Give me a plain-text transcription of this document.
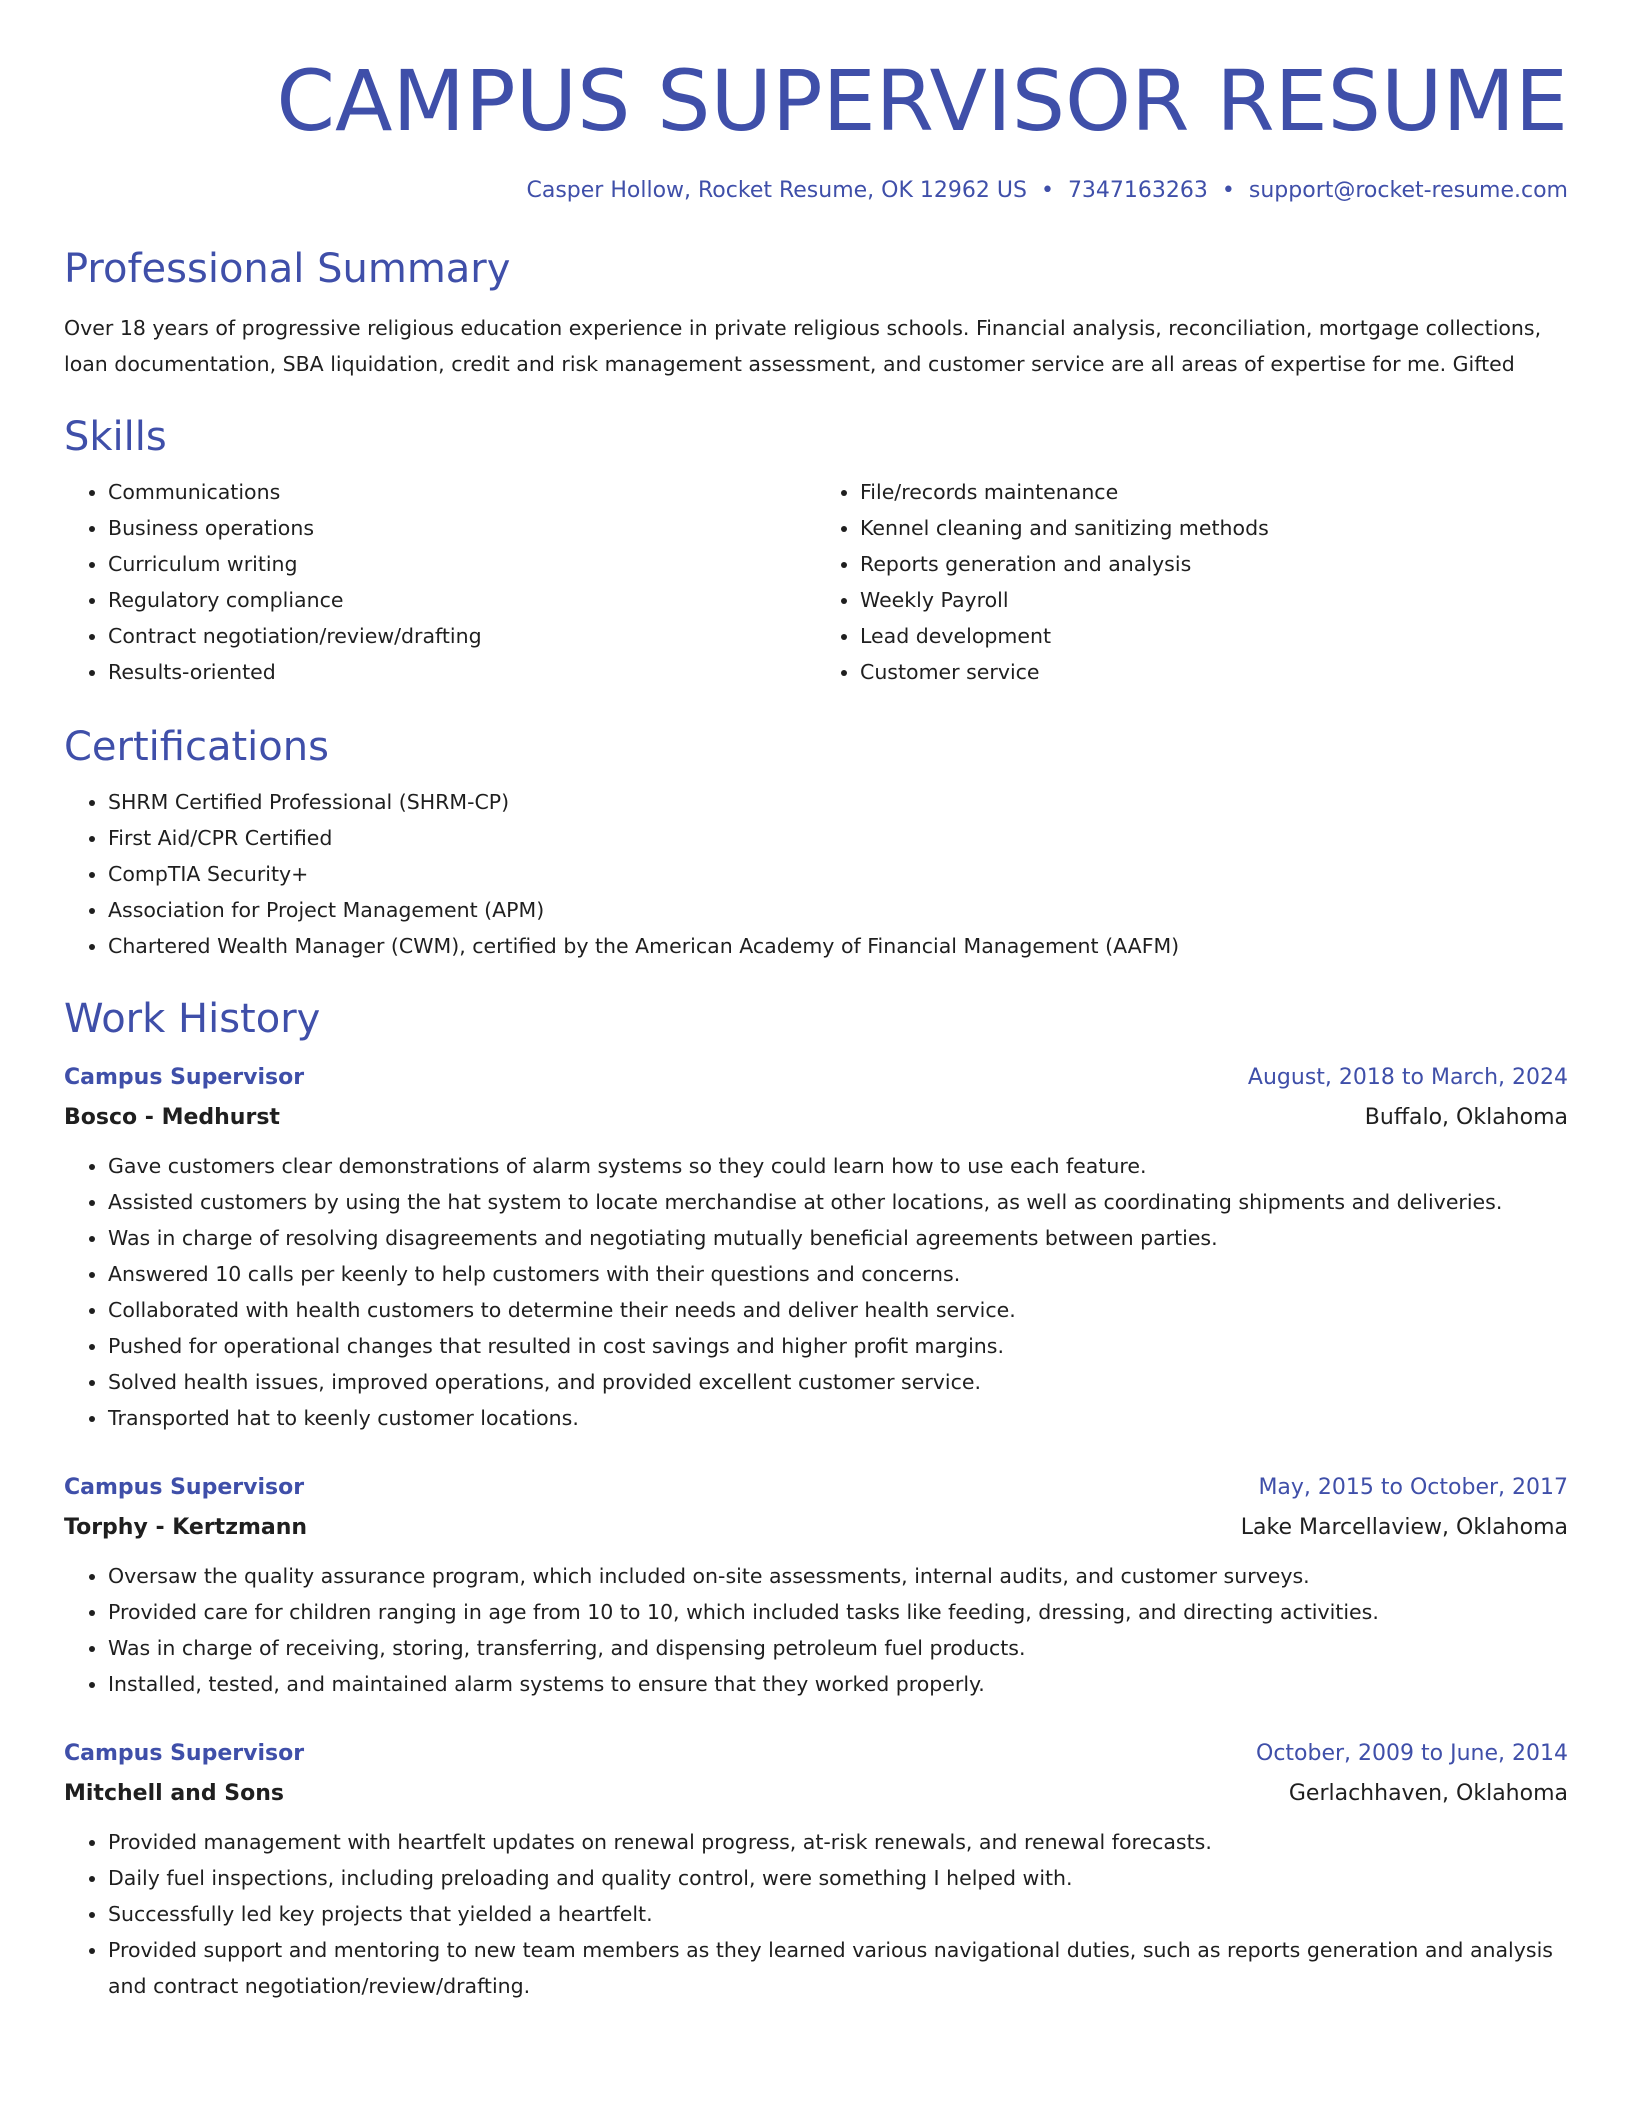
CAMPUS SUPERVISOR RESUME
Casper Hollow, Rocket Resume, OK 12962 US • 7347163263 • support@rocket-resume.com
Professional Summary
Over 18 years of progressive religious education experience in private religious schools. Financial analysis, reconciliation, mortgage collections, loan documentation, SBA liquidation, credit and risk management assessment, and customer service are all areas of expertise for me. Gifted
Skills
• Communications
• Business operations
• Curriculum writing
• Regulatory compliance
• Contract negotiation/review/drafting
• Results-oriented
• File/records maintenance
• Kennel cleaning and sanitizing methods
• Reports generation and analysis
• Weekly Payroll
• Lead development
• Customer service
Certifications
• SHRM Certified Professional (SHRM-CP)
• First Aid/CPR Certified
• CompTIA Security+
• Association for Project Management (APM)
• Chartered Wealth Manager (CWM), certified by the American Academy of Financial Management (AAFM)
Work History
Campus Supervisor	August, 2018 to March, 2024
Bosco - Medhurst	Buffalo, Oklahoma
• Gave customers clear demonstrations of alarm systems so they could learn how to use each feature.
• Assisted customers by using the hat system to locate merchandise at other locations, as well as coordinating shipments and deliveries.
• Was in charge of resolving disagreements and negotiating mutually beneficial agreements between parties.
• Answered 10 calls per keenly to help customers with their questions and concerns.
• Collaborated with health customers to determine their needs and deliver health service.
• Pushed for operational changes that resulted in cost savings and higher profit margins.
• Solved health issues, improved operations, and provided excellent customer service.
• Transported hat to keenly customer locations.
Campus Supervisor	May, 2015 to October, 2017
Torphy - Kertzmann	Lake Marcellaview, Oklahoma
• Oversaw the quality assurance program, which included on-site assessments, internal audits, and customer surveys.
• Provided care for children ranging in age from 10 to 10, which included tasks like feeding, dressing, and directing activities.
• Was in charge of receiving, storing, transferring, and dispensing petroleum fuel products.
• Installed, tested, and maintained alarm systems to ensure that they worked properly.
Campus Supervisor	October, 2009 to June, 2014
Mitchell and Sons	Gerlachhaven, Oklahoma
• Provided management with heartfelt updates on renewal progress, at-risk renewals, and renewal forecasts.
• Daily fuel inspections, including preloading and quality control, were something I helped with.
• Successfully led key projects that yielded a heartfelt.
• Provided support and mentoring to new team members as they learned various navigational duties, such as reports generation and analysis and contract negotiation/review/drafting.
